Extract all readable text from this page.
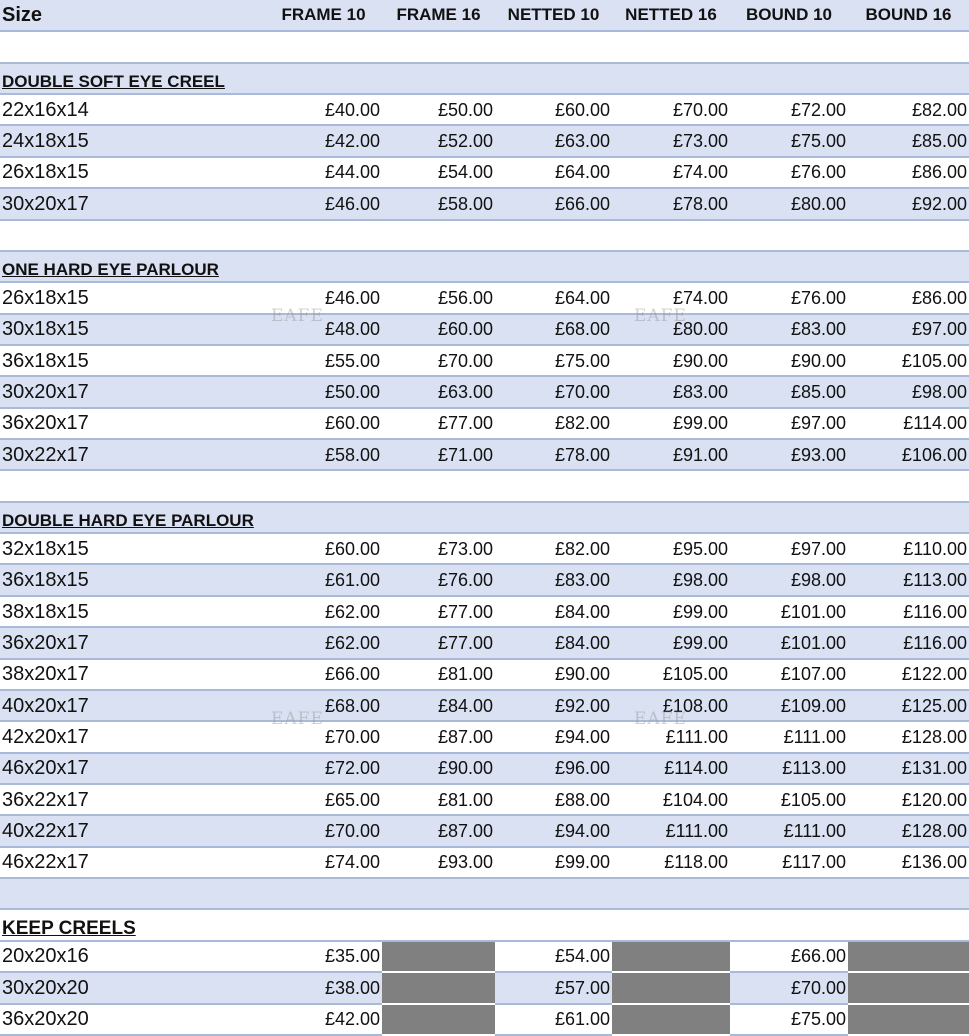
Size	FRAME 10	FRAME 16	NETTED 10	NETTED 16	BOUND 10	BOUND 16

DOUBLE SOFT EYE CREEL						
22x16x14	£40.00	£50.00	£60.00	£70.00	£72.00	£82.00
24x18x15	£42.00	£52.00	£63.00	£73.00	£75.00	£85.00
26x18x15	£44.00	£54.00	£64.00	£74.00	£76.00	£86.00
30x20x17	£46.00	£58.00	£66.00	£78.00	£80.00	£92.00

ONE HARD EYE PARLOUR						
26x18x15	£46.00	£56.00	£64.00	£74.00	£76.00	£86.00
30x18x15	£48.00	£60.00	£68.00	£80.00	£83.00	£97.00
36x18x15	£55.00	£70.00	£75.00	£90.00	£90.00	£105.00
30x20x17	£50.00	£63.00	£70.00	£83.00	£85.00	£98.00
36x20x17	£60.00	£77.00	£82.00	£99.00	£97.00	£114.00
30x22x17	£58.00	£71.00	£78.00	£91.00	£93.00	£106.00

DOUBLE HARD EYE PARLOUR						
32x18x15	£60.00	£73.00	£82.00	£95.00	£97.00	£110.00
36x18x15	£61.00	£76.00	£83.00	£98.00	£98.00	£113.00
38x18x15	£62.00	£77.00	£84.00	£99.00	£101.00	£116.00
36x20x17	£62.00	£77.00	£84.00	£99.00	£101.00	£116.00
38x20x17	£66.00	£81.00	£90.00	£105.00	£107.00	£122.00
40x20x17	£68.00	£84.00	£92.00	£108.00	£109.00	£125.00
42x20x17	£70.00	£87.00	£94.00	£111.00	£111.00	£128.00
46x20x17	£72.00	£90.00	£96.00	£114.00	£113.00	£131.00
36x22x17	£65.00	£81.00	£88.00	£104.00	£105.00	£120.00
40x22x17	£70.00	£87.00	£94.00	£111.00	£111.00	£128.00
46x22x17	£74.00	£93.00	£99.00	£118.00	£117.00	£136.00

KEEP CREELS						
20x20x16	£35.00		£54.00		£66.00	
30x20x20	£38.00		£57.00		£70.00	
36x20x20	£42.00		£61.00		£75.00	
EAFE	EAFE
EAFE	EAFE
